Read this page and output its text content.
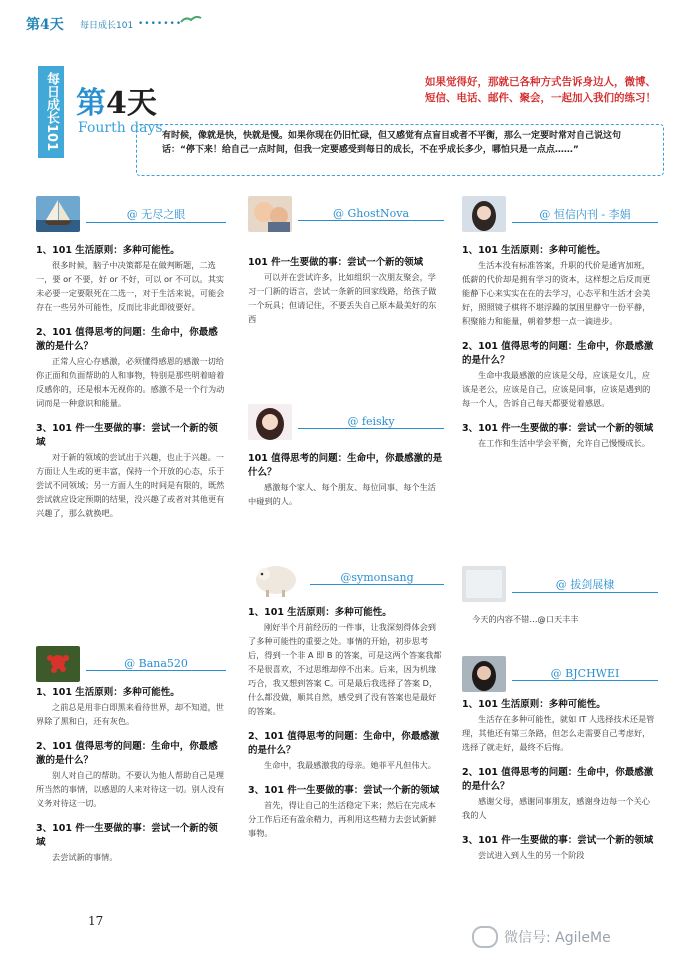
第4天 每日成长101 •••••••
每日成长101 第4天
Fourth days
如果觉得好，那就已各种方式告诉身边人，微博、短信、电话、邮件、聚会，一起加入我们的练习！
有时候，像就是快，快就是慢。如果你现在仍旧忙碌，但又感觉有点盲目或者不平衡，那么一定要时常对自己说这句话：“停下来！给自己一点时间，但我一定要感受到每日的成长，不在乎成长多少，哪怕只是一点点……”
@ 无尽之眼
1、101 生活原则：多种可能性。
很多时候，脑子中决策都是在做判断题，二选一，要 or 不要，好 or 不好，可以 or 不可以。其实未必要一定要限死在二选一，对于生活来说，可能会存在一些另外可能性，反而比非此即彼要好。
2、101 值得思考的问题：生命中，你最感激的是什么？
正常人应心存感激，必须懂得感恩的感激一切给你正面和负面帮助的人和事物，特别是那些明着暗着反感你的，还是根本无视你的。感激不是一个行为动词而是一种意识和能量。
3、101 件一生要做的事：尝试一个新的领域
对于新的领域的尝试出于兴趣，也止于兴趣。一方面让人生或的更丰富，保持一个开放的心态，乐于尝试不同领域；另一方面人生的时间是有限的，既然尝试就应设定预期的结果，没兴趣了或者对其他更有兴趣了，那么就换吧。
@ Bana520
1、101 生活原则：多种可能性。
之前总是用非白即黑来看待世界，却不知道，世界除了黑和白，还有灰色。
2、101 值得思考的问题：生命中，你最感激的是什么？
别人对自己的帮助。不要认为他人帮助自己是理所当然的事情，以感恩的人来对待这一切。别人没有义务对待这一切。
3、101 件一生要做的事：尝试一个新的领域
去尝试新的事情。
@ GhostNova
101 件一生要做的事：尝试一个新的领域
可以并在尝试许多，比如组织一次朋友聚会，学习一门新的语言，尝试一条新的回家线路，给孩子做一个玩具；但请记住，不要丢失自己原本最美好的东西
@ feisky
101 值得思考的问题：生命中，你最感激的是什么？
感激每个家人、每个朋友、每位同事、每个生活中碰到的人。
@symonsang
1、101 生活原则：多种可能性。
刚好半个月前经历的一件事，让我深刻得体会到了多种可能性的重要之处。事情的开始，初步思考后，得到一个非 A 即 B 的答案，可是这两个答案我都不是很喜欢，不过思维却停不出来。后来，因为机缘巧合，我又想到答案 C。可是最后我选择了答案 D，什么都没做，顺其自然，感受到了没有答案也是最好的答案。
2、101 值得思考的问题：生命中，你最感激的是什么？
生命中，我最感激我的母亲。她菲平凡但伟大。
3、101 件一生要做的事：尝试一个新的领域
首先，得让自己的生活稳定下来；然后在完成本分工作后还有盈余精力，再利用这些精力去尝试新鲜事物。
@ 恒信内刊 - 李娟
1、101 生活原则：多种可能性。
生活本没有标准答案，升职的代价是通宵加班，低薪的代价却是拥有学习的资本，这样想之后反而更能静下心来实实在在的去学习，心态平和生活才会美好，照照镜子棋将不堪浮躁的氛围里静守一份平静，积聚能力和能量，朝着梦想一点一滴进步。
2、101 值得思考的问题：生命中，你最感激的是什么？
生命中我最感激的应该是父母，应该是女儿，应该是老公，应该是自己，应该是同事，应该是遇到的每一个人，告诉自己每天都要觉着感恩。
3、101 件一生要做的事：尝试一个新的领域
在工作和生活中学会平衡，允许自己慢慢成长。
@ 拔剑展棣
今天的内容不错…@口天丰丰
@ BJCHWEI
1、101 生活原则：多种可能性。
生活存在多种可能性，就如 IT 人选择技术还是管理，其他还有第三条路，但怎么走需要自己考虑好，选择了就走好，最终不后悔。
2、101 值得思考的问题：生命中，你最感激的是什么？
感谢父母，感谢同事朋友，感谢身边每一个关心我的人
3、101 件一生要做的事：尝试一个新的领域
尝试进入到人生的另一个阶段
17
微信号: AgileMe
